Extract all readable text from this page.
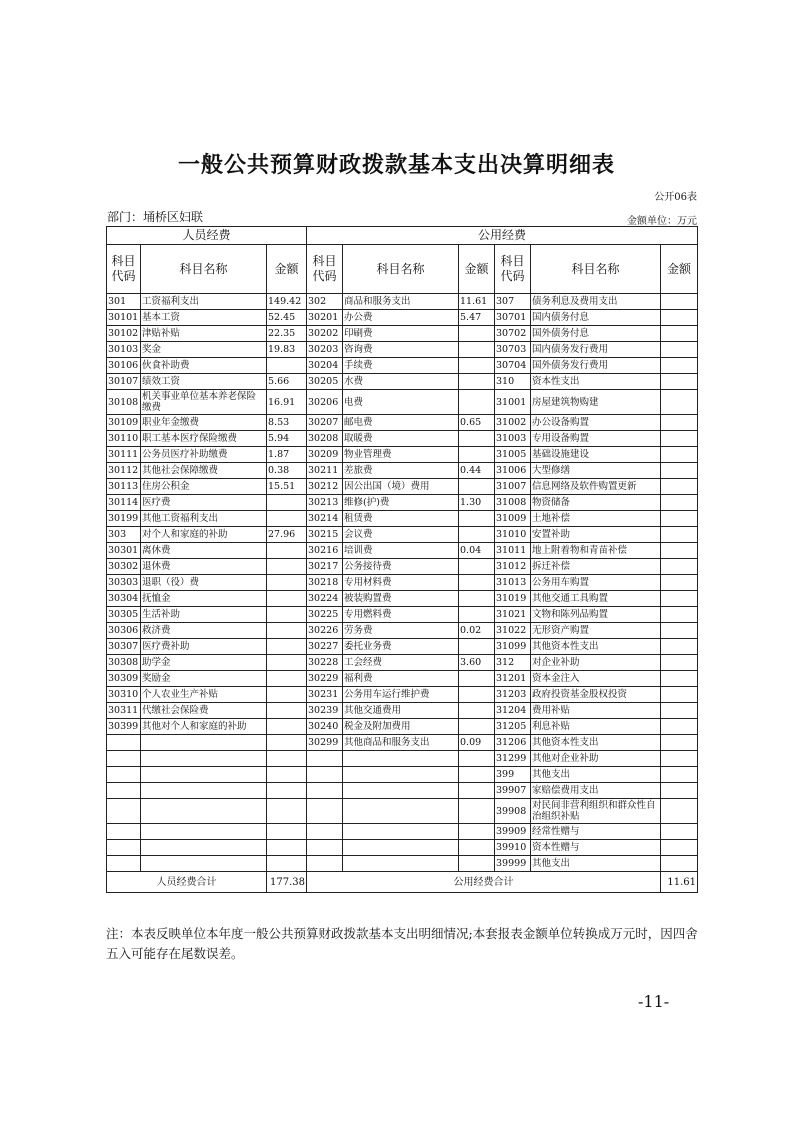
一般公共预算财政拨款基本支出决算明细表
公开06表
部门：埇桥区妇联	金额单位：万元
人员经费			公用经费					
科目代码	科目名称	金额	科目代码	科目名称	金额	科目代码	科目名称	金额
301	工资福利支出	149.42	302	商品和服务支出	11.61	307	债务利息及费用支出	
30101	基本工资	52.45	30201	办公费	5.47	30701	国内债务付息	
30102	津贴补贴	22.35	30202	印刷费		30702	国外债务付息	
30103	奖金	19.83	30203	咨询费		30703	国内债务发行费用	
30106	伙食补助费		30204	手续费		30704	国外债务发行费用	
30107	绩效工资	5.66	30205	水费		310	资本性支出	
30108	机关事业单位基本养老保险缴费	16.91	30206	电费		31001	房屋建筑物购建	
30109	职业年金缴费	8.53	30207	邮电费	0.65	31002	办公设备购置	
30110	职工基本医疗保险缴费	5.94	30208	取暖费		31003	专用设备购置	
30111	公务员医疗补助缴费	1.87	30209	物业管理费		31005	基础设施建设	
30112	其他社会保障缴费	0.38	30211	差旅费	0.44	31006	大型修缮	
30113	住房公积金	15.51	30212	因公出国（境）费用		31007	信息网络及软件购置更新	
30114	医疗费		30213	维修(护)费	1.30	31008	物资储备	
30199	其他工资福利支出		30214	租赁费		31009	土地补偿	
303	对个人和家庭的补助	27.96	30215	会议费		31010	安置补助	
30301	离休费		30216	培训费	0.04	31011	地上附着物和青苗补偿	
30302	退休费		30217	公务接待费		31012	拆迁补偿	
30303	退职（役）费		30218	专用材料费		31013	公务用车购置	
30304	抚恤金		30224	被装购置费		31019	其他交通工具购置	
30305	生活补助		30225	专用燃料费		31021	文物和陈列品购置	
30306	救济费		30226	劳务费	0.02	31022	无形资产购置	
30307	医疗费补助		30227	委托业务费		31099	其他资本性支出	
30308	助学金		30228	工会经费	3.60	312	对企业补助	
30309	奖励金		30229	福利费		31201	资本金注入	
30310	个人农业生产补贴		30231	公务用车运行维护费		31203	政府投资基金股权投资	
30311	代缴社会保险费		30239	其他交通费用		31204	费用补贴	
30399	其他对个人和家庭的补助		30240	税金及附加费用		31205	利息补贴	
			30299	其他商品和服务支出	0.09	31206	其他资本性支出	
						31299	其他对企业补助	
						399	其他支出	
						39907	家赔偿费用支出	
						39908	对民间非营利组织和群众性自治组织补贴	
						39909	经常性赠与	
						39910	资本性赠与	
						39999	其他支出	
人员经费合计		177.38	公用经费合计					11.61
注：本表反映单位本年度一般公共预算财政拨款基本支出明细情况;本套报表金额单位转换成万元时，因四舍五入可能存在尾数误差。
-11-
